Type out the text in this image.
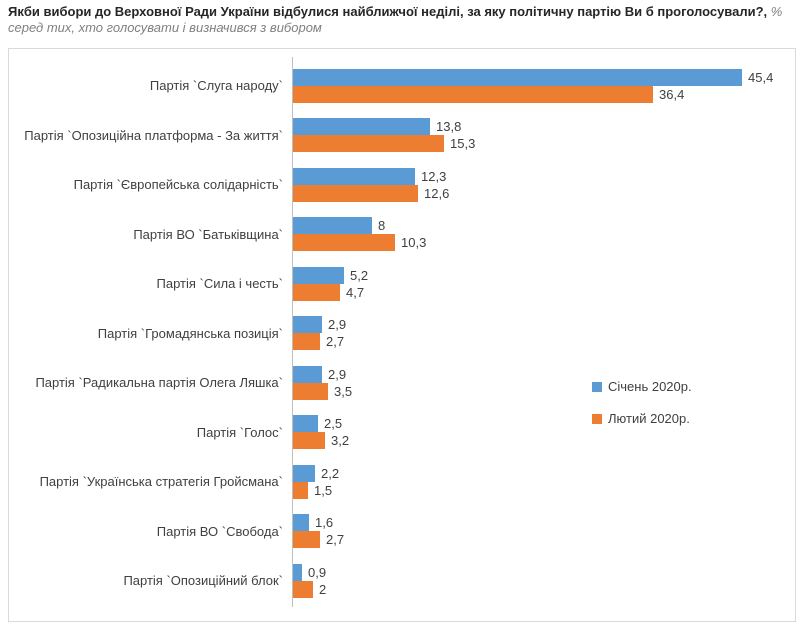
Якби вибори до Верховної Ради України відбулися найближчої неділі, за яку політичну партію Ви б проголосували?, % серед тих, хто голосувати і визначився з вибором
Партія `Слуга народу`
45,4
36,4
Партія `Опозиційна платформа - За життя`
13,8
15,3
Партія `Європейська солідарність`
12,3
12,6
Партія ВО `Батьківщина`
8
10,3
Партія `Сила і честь`
5,2
4,7
Партія `Громадянська позиція`
2,9
2,7
Партія `Радикальна партія Олега Ляшка`
2,9
3,5
Партія `Голос`
2,5
3,2
Партія `Українська стратегія Гройсмана`
2,2
1,5
Партія ВО `Свобода`
1,6
2,7
Партія `Опозиційний блок`
0,9
2
Січень 2020р.
Лютий 2020р.
